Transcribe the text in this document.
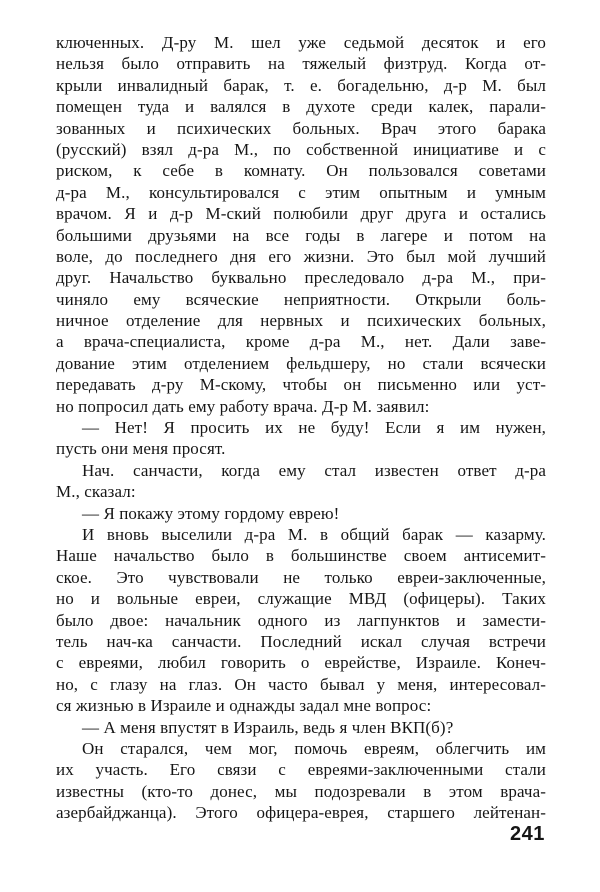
ключенных. Д-ру М. шел уже седьмой десяток и его
нельзя было отправить на тяжелый физтруд. Когда от-
крыли инвалидный барак, т. е. богадельню, д-р М. был
помещен туда и валялся в духоте среди калек, парали-
зованных и психических больных. Врач этого барака
(русский) взял д-ра М., по собственной инициативе и с
риском, к себе в комнату. Он пользовался советами
д-ра М., консультировался с этим опытным и умным
врачом. Я и д-р М-ский полюбили друг друга и остались
большими друзьями на все годы в лагере и потом на
воле, до последнего дня его жизни. Это был мой лучший
друг. Начальство буквально преследовало д-ра М., при-
чиняло ему всяческие неприятности. Открыли боль-
ничное отделение для нервных и психических больных,
а врача-специалиста, кроме д-ра М., нет. Дали заве-
дование этим отделением фельдшеру, но стали всячески
передавать д-ру М-скому, чтобы он письменно или уст-
но попросил дать ему работу врача. Д-р М. заявил:
— Нет! Я просить их не буду! Если я им нужен,
пусть они меня просят.
Нач. санчасти, когда ему стал известен ответ д-ра
М., сказал:
— Я покажу этому гордому еврею!
И вновь выселили д-ра М. в общий барак — казарму.
Наше начальство было в большинстве своем антисемит-
ское. Это чувствовали не только евреи-заключенные,
но и вольные евреи, служащие МВД (офицеры). Таких
было двое: начальник одного из лагпунктов и замести-
тель нач-ка санчасти. Последний искал случая встречи
с евреями, любил говорить о еврействе, Израиле. Конеч-
но, с глазу на глаз. Он часто бывал у меня, интересовал-
ся жизнью в Израиле и однажды задал мне вопрос:
— А меня впустят в Израиль, ведь я член ВКП(б)?
Он старался, чем мог, помочь евреям, облегчить им
их участь. Его связи с евреями-заключенными стали
известны (кто-то донес, мы подозревали в этом врача-
азербайджанца). Этого офицера-еврея, старшего лейтенан-
241
